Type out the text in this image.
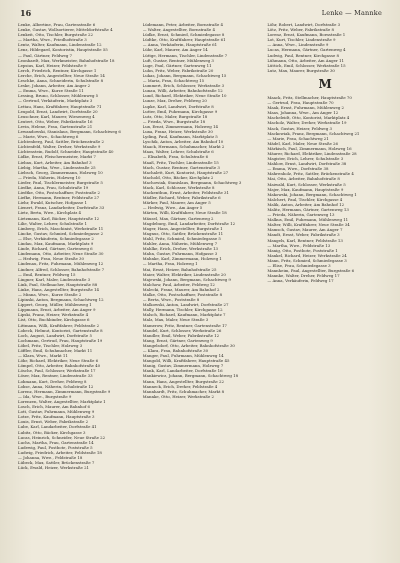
16	Lenke — Mannke

Lenke, Albertine, Frau, Gartenstraße 6

Lenke, Gustav, Wollsortierer, Mitteldorfstraße 4

Lenkeit, Otto, Tischler, Burgstraße 22

— Martha, Wwe., Friedhofstraße 3

Lentz, Walter, Kaufmann, Lindenstraße 12

Lenz, Hildegard, Kontoristin, Hauptstraße 55

— Paul, Gärtner, Feldweg 7

Leonhardt, Max, Werkmeister, Bahnhofstraße 18

Lepsius, Karl, Heizer, Feldstraße 9

Lerch, Friedrich, Rentner, Kirchgasse 1

Lerche, Erich, Angestellter, Neue Straße 14

Leschke, Anna, Schneiderin, Schulstraße 8

Leske, Johann, Arbeiter, Am Anger 2

— Emma, Wwe., Kurze Straße 11

Lessing, Bruno, Schlosser, Mühlenweg 5

— Gertrud, Verkäuferin, Marktplatz 3

Lettau, Hans, Kraftfahrer, Hauptstraße 71

Leupold, Ernst, Landwirt, Dorfstraße 20

Leuschner, Karl, Maurer, Wiesenweg 4

Leutert, Otto, Weber, Fabrikstraße 16

Levin, Helene, Frau, Gartenstraße 21

Lewandowski, Stanislaus, Bergmann, Schachtweg 6

— Marie, Wwe., Schachtweg 6

Lichtenberg, Paul, Sattler, Brückenstraße 2

Lichtenfeld, Walter, Dreher, Werkstraße 9

Lichtenstein, Rudolf, Schneider, Hauptstraße 40

Lidke, Ernst, Fleischermeister, Markt 7

Liebau, Kurt, Arbeiter, Am Bahnhof 3

Liebig, Martha, Wwe., Lindenstraße 25

Liebsch, Georg, Zimmermann, Holzweg 10

— Frieda, Näherin, Holzweg 10

Lieder, Paul, Tischlermeister, Burgstraße 5

Liedke, Anna, Frau, Schulstraße 19

Liedtke, Otto, Postschaffner, Poststraße 2

Liefke, Hermann, Rentner, Feldstraße 27

Liehr, Ewald, Kutscher, Hofgasse 1

Lienert, Franz, Landarbeiter, Dorfstraße 33

Lietz, Berta, Wwe., Kirchplatz 4

Lietzmann, Karl, Bäcker, Hauptstraße 12

Lilie, Walter, Lehrer, Schulstraße 1

Limberg, Erich, Maschinist, Werkstraße 11

Lincke, Gustav, Schmied, Schmiedegasse 2

— Else, Verkäuferin, Schmiedegasse 2

Lindau, Max, Kaufmann, Marktplatz 9

Linde, Richard, Gärtner, Gartenweg 6

Lindemann, Otto, Arbeiter, Neue Straße 30

— Hedwig, Frau, Neue Straße 30

Lindenau, Fritz, Fuhrmann, Mühlenweg 12

Lindner, Alfred, Schlosser, Bahnhofstraße 7

— Emil, Rentner, Feldweg 15

Lingner, Karl, Maler, Lindenstraße 3

Link, Paul, Stellmacher, Hauptstraße 88

Linke, Hans, Angestellter, Burgstraße 14

— Minna, Wwe., Kurze Straße 2

Lipinski, Anton, Bergmann, Schachtweg 12

Lippert, Georg, Müller, Mühlenweg 1

Lippmann, Ernst, Arbeiter, Am Anger 9

Lipski, Franz, Heizer, Werkstraße 4

List, Otto, Buchbinder, Kirchgasse 6

Littmann, Willi, Kraftfahrer, Feldstraße 2

Lobeck, Helmut, Kontorist, Gartenstraße 8

Loch, August, Landwirt, Dorfstraße 5

Lochmann, Gertrud, Frau, Hauptstraße 19

Löbel, Fritz, Tischler, Holzweg 3

Löffler, Emil, Schuhmacher, Markt 11

— Klara, Wwe., Markt 11

Löhr, Richard, Elektriker, Neue Straße 6

Lömpel, Otto, Arbeiter, Bahnhofstraße 40

Lösche, Paul, Schlosser, Werkstraße 17

Löser, Max, Rentner, Lindenstraße 33

Lohmann, Kurt, Dreher, Feldweg 8

Lohse, Anna, Näherin, Schulstraße 12

Lorenz, Hermann, Zimmermann, Burgstraße 9

— Ida, Wwe., Burgstraße 9

Lorenzen, Walter, Angestellter, Marktplatz 1

Losch, Erich, Maurer, Am Bahnhof 6

Lott, Gustav, Fuhrmann, Mühlenweg 9

Lotze, Fritz, Kaufmann, Hauptstraße 3

Louis, Ernst, Weber, Fabrikstraße 2

Lube, Karl, Landarbeiter, Dorfstraße 41

Lubitz, Otto, Bäcker, Kirchgasse 3

Lucas, Heinrich, Schneider, Neue Straße 22

Luchs, Martha, Frau, Gartenstraße 14

Ludewig, Paul, Postbote, Poststraße 5

Ludwig, Friedrich, Arbeiter, Feldstraße 18

— Johanna, Wwe., Feldstraße 18

Lübeck, Max, Sattler, Brückenstraße 7

Lück, Ewald, Heizer, Werkstraße 21

Lüdemann, Peter, Arbeiter, Bornstraße 4

— Walter, Angestellter, Bornstraße 4

Lüdke, Ernst, Schmied, Schmiedegasse 8

Lüdtke, Otto, Kraftfahrer, Hauptstraße 61

— Anna, Verkäuferin, Hauptstraße 61

Lühr, Karl, Maurer, Am Anger 14

Lüttge, Hermann, Tischler, Lindenstraße 7

Luft, Gustav, Rentner, Mühlenweg 3

Luge, Paul, Gärtner, Gartenweg 11

Luhn, Fritz, Weber, Fabrikstraße 20

Lukas, Johann, Bergmann, Schachtweg 15

— Maria, Frau, Schachtweg 15

Lummert, Erich, Schlosser, Werkstraße 3

Lunau, Willi, Arbeiter, Bahnhofstraße 12

Lund, Richard, Elektriker, Neue Straße 10

Lunze, Max, Dreher, Feldweg 20

Lupke, Karl, Landwirt, Dorfstraße 8

Lutter, Emil, Fuhrmann, Kirchgasse 9

Lutz, Otto, Maler, Burgstraße 18

— Frieda, Wwe., Burgstraße 18

Lux, Ernst, Zimmermann, Holzweg 14

Luxa, Franz, Heizer, Werkstraße 30

Lyding, Paul, Kaufmann, Marktplatz 5

Lyschik, Anton, Arbeiter, Am Bahnhof 10

Maack, Hermann, Schuhmacher, Markt 2

Maas, Walter, Lehrer, Schulstraße 6

— Elisabeth, Frau, Schulstraße 6

Maaß, Fritz, Tischler, Lindenstraße 15

Mach, Gustav, Rentner, Gartenstraße 3

Machalett, Kurt, Kontorist, Hauptstraße 27

Machold, Otto, Bäcker, Kirchplatz 2

Machowiak, Stanislaus, Bergmann, Schachtweg 3

Mack, Karl, Schlosser, Werkstraße 8

Mackenthun, Ernst, Arbeiter, Feldstraße 31

Mädler, Richard, Weber, Fabrikstraße 6

Märker, Paul, Maurer, Am Anger 5

— Hedwig, Wwe., Am Anger 5

Märten, Willi, Kraftfahrer, Neue Straße 18

Mäusel, Max, Gärtner, Gartenweg 2

Magdeburg, Emil, Landarbeiter, Dorfstraße 12

Mager, Hans, Angestellter, Burgstraße 1

Magnus, Otto, Sattler, Brückenstraße 11

Mahl, Fritz, Schmied, Schmiedegasse 5

Mahler, Anna, Näherin, Mühlenweg 7

Mahlke, Erich, Dreher, Werkstraße 13

Mahn, Gustav, Fuhrmann, Hofgasse 3

Mahnke, Karl, Zimmermann, Holzweg 1

— Martha, Frau, Holzweg 1

Mai, Ernst, Heizer, Bahnhofstraße 25

Maier, Walter, Elektriker, Lindenstraße 20

Majewski, Johann, Bergmann, Schachtweg 9

Malchow, Paul, Arbeiter, Feldweg 12

Malecki, Franz, Maurer, Am Bahnhof 2

Malke, Otto, Postschaffner, Poststraße 8

— Berta, Wwe., Poststraße 8

Malkowski, Anton, Landwirt, Dorfstraße 27

Mally, Hermann, Tischler, Kirchgasse 12

Malsch, Richard, Kaufmann, Marktplatz 7

Malz, Max, Maler, Neue Straße 3

Mamerow, Fritz, Rentner, Gartenstraße 17

Mandel, Kurt, Schlosser, Werkstraße 26

Mandler, Emil, Weber, Fabrikstraße 12

Mang, Ernst, Gärtner, Gartenweg 9

Mangelsdorf, Otto, Arbeiter, Bahnhofstraße 30

— Klara, Frau, Bahnhofstraße 30

Manger, Paul, Fuhrmann, Mühlenweg 14

Mangold, Willi, Kraftfahrer, Hauptstraße 45

Manig, Gustav, Zimmermann, Holzweg 7

Mank, Karl, Landarbeiter, Dorfstraße 16

Mankiewicz, Johann, Bergmann, Schachtweg 18

Mann, Hans, Angestellter, Burgstraße 22

Manneck, Erich, Dreher, Feldstraße 4

Mannhardt, Fritz, Schuhmacher, Markt 8

Mannke, Otto, Heizer, Werkstraße 2

Löhr, Robert, Landwirt, Dorfstraße 3

Lötz, Fritz, Weber, Fabrikstraße 8

Lorenz, Ernst, Kaufmann, Bornstraße 1

Lot, Kurt, Tischler, Lindenstraße 9

— Anna, Wwe., Lindenstraße 9

Lucas, Hermann, Gärtner, Gartenweg 4

Ludwig, Paul, Rentner, Kirchgasse 8

Lühmann, Otto, Arbeiter, Am Anger 11

Lüttich, Emil, Schlosser, Werkstraße 15

Lutz, Max, Maurer, Burgstraße 30

M

Maack, Fritz, Stellmacher, Hauptstraße 70

— Gertrud, Frau, Hauptstraße 70

Maak, Ernst, Fuhrmann, Mühlenweg 2

Maas, Johanna, Wwe., Am Anger 12

Macheleidt, Otto, Kontorist, Marktplatz 4

Macholz, Walter, Dreher, Werkstraße 19

Mack, Gustav, Heizer, Feldweg 3

Mackowiak, Franz, Bergmann, Schachtweg 21

— Marie, Frau, Schachtweg 21

Mädel, Karl, Maler, Neue Straße 26

Märkisch, Paul, Zimmermann, Holzweg 16

Mäurer, Richard, Elektriker, Lindenstraße 28

Magister, Erich, Lehrer, Schulstraße 3

Mahlow, Ernst, Landwirt, Dorfstraße 38

— Emma, Wwe., Dorfstraße 38

Mahrenholz, Fritz, Sattler, Brückenstraße 4

Mai, Otto, Arbeiter, Bahnhofstraße 8

Maiwald, Kurt, Schlosser, Werkstraße 5

Majer, Max, Kaufmann, Hauptstraße 9

Makowski, Johann, Bergmann, Schachtweg 1

Malchert, Paul, Tischler, Kirchgasse 4

Malik, Anton, Arbeiter, Am Bahnhof 12

Malitz, Hermann, Gärtner, Gartenweg 13

— Frieda, Näherin, Gartenweg 13

Malkus, Emil, Fuhrmann, Mühlenweg 11

Malter, Willi, Kraftfahrer, Neue Straße 34

Mamsch, Gustav, Maurer, Am Anger 7

Mandt, Ernst, Weber, Fabrikstraße 3

Mangels, Karl, Rentner, Feldstraße 13

— Martha, Wwe., Feldstraße 13

Manig, Otto, Postbote, Poststraße 1

Mankel, Richard, Heizer, Werkstraße 24

Mann, Fritz, Schmied, Schmiedegasse 3

— Elise, Frau, Schmiedegasse 3

Mannheim, Paul, Angestellter, Burgstraße 6

Mannke, Walter, Dreher, Feldweg 17

— Anna, Verkäuferin, Feldweg 17
